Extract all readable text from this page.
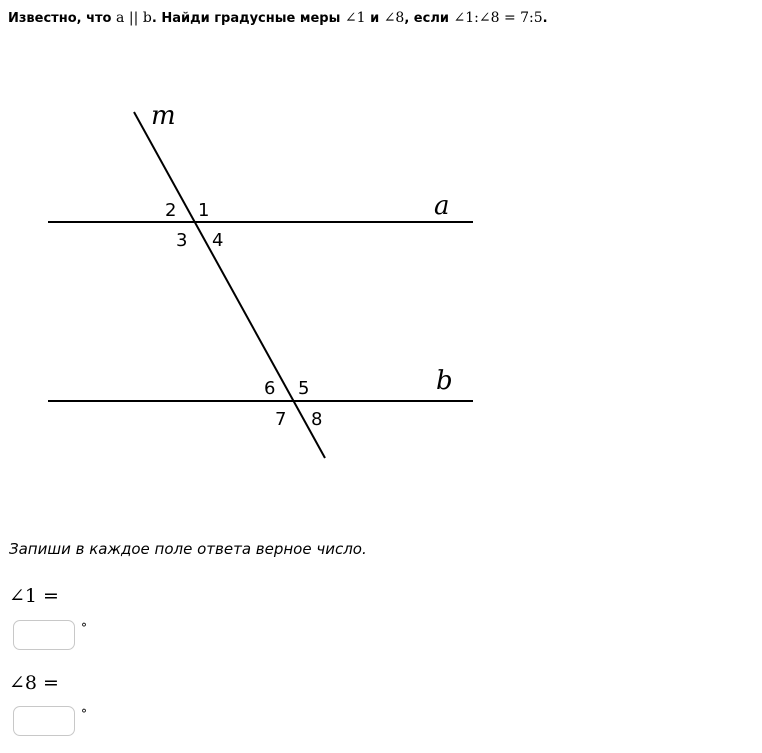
Известно, что a || b. Найди градусные меры ∠1 и ∠8, если ∠1:∠8 = 7:5.
m
a
b
2 1
3 4
6 5
7 8
Запиши в каждое поле ответа верное число.
∠1 =
°
∠8 =
°
